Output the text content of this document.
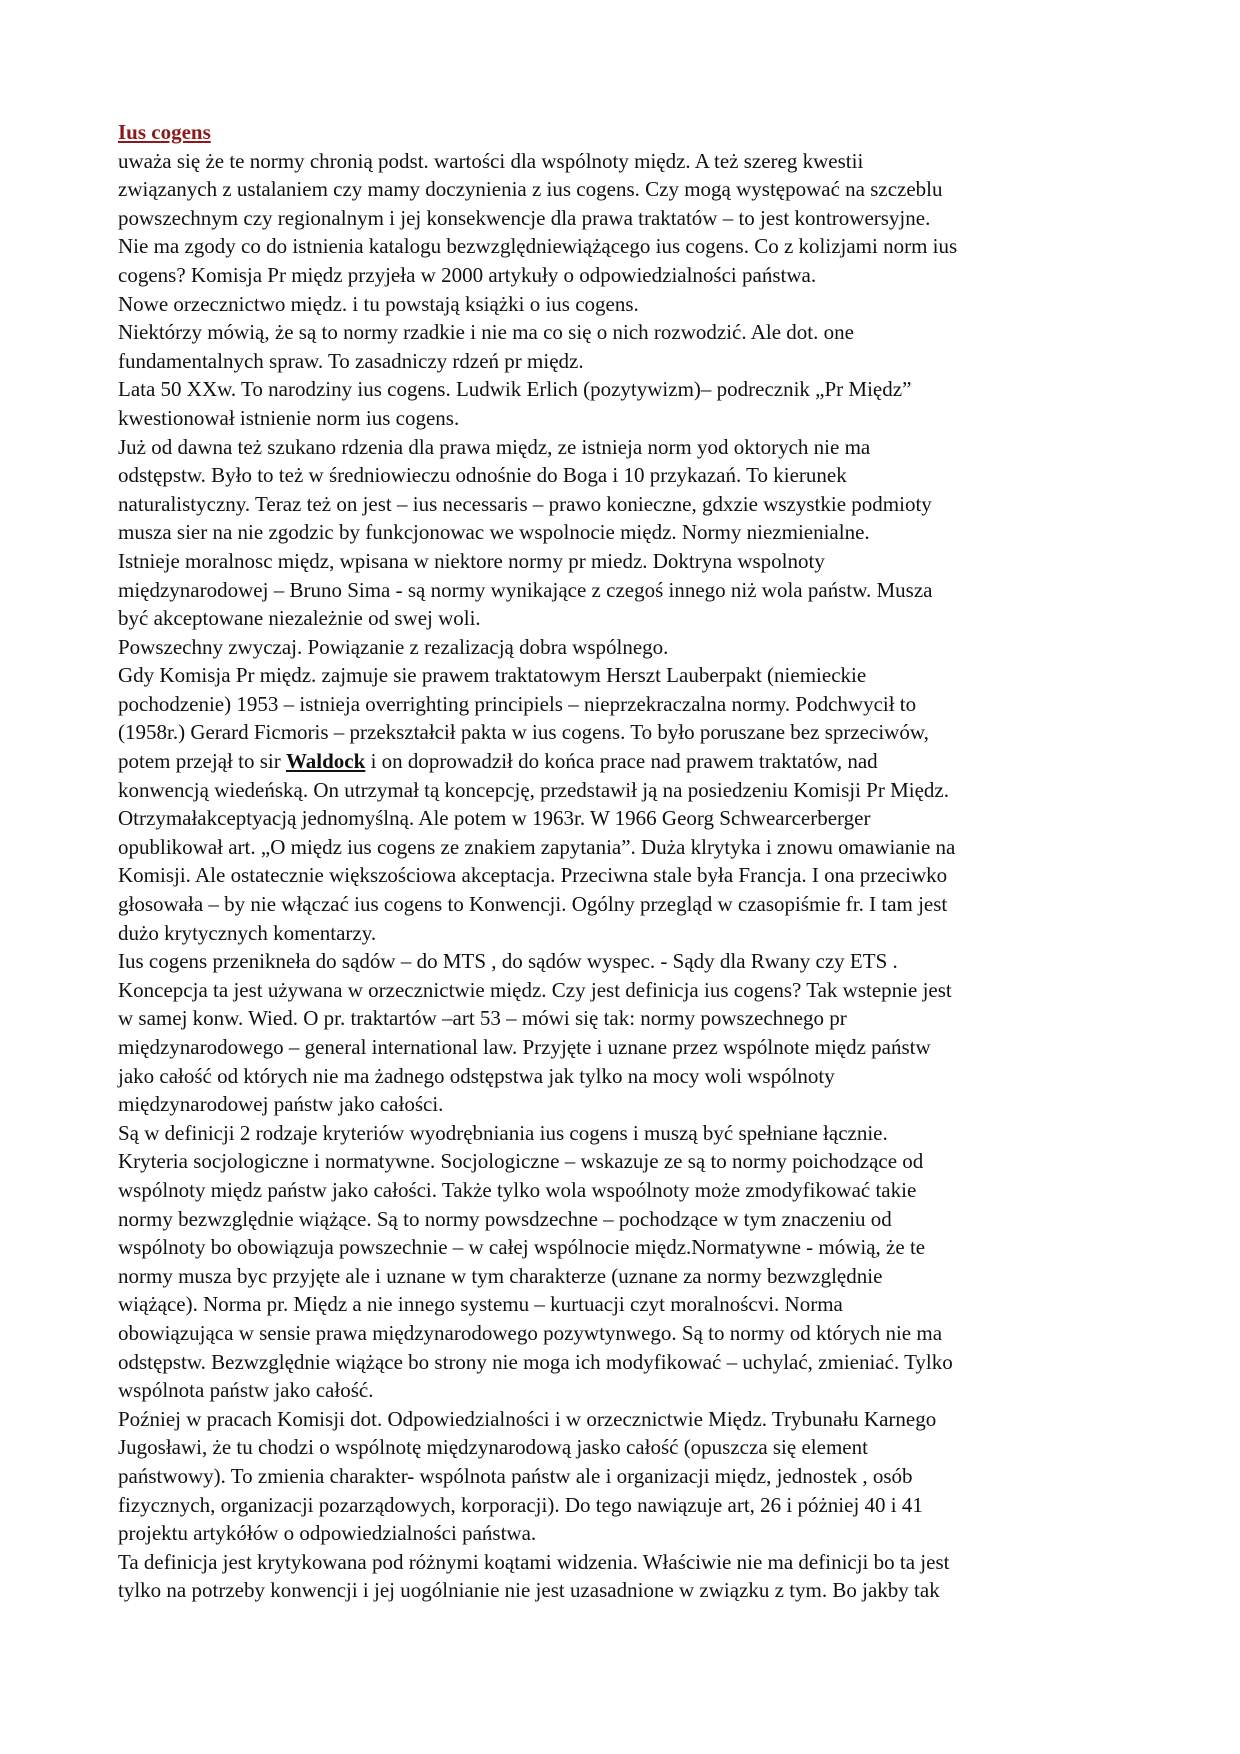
Ius cogens

uważa się że te normy chronią podst. wartości dla wspólnoty międz. A też szereg kwestii

związanych z ustalaniem czy mamy doczynienia z ius cogens. Czy mogą występować na szczeblu

powszechnym czy regionalnym i jej konsekwencje dla prawa traktatów – to jest kontrowersyjne.

Nie ma zgody co do istnienia katalogu bezwzględniewiążącego ius cogens. Co z kolizjami norm ius

cogens? Komisja Pr międz przyjeła w 2000 artykuły o odpowiedzialności państwa.

Nowe orzecznictwo międz. i tu powstają książki o ius cogens.

Niektórzy mówią, że są to normy rzadkie i nie ma co się o nich rozwodzić. Ale dot. one

fundamentalnych spraw. To zasadniczy rdzeń pr międz.

Lata 50 XXw. To narodziny ius cogens. Ludwik Erlich (pozytywizm)– podrecznik „Pr Międz”

kwestionował istnienie norm ius cogens.

Już od dawna też szukano rdzenia dla prawa międz, ze istnieja norm yod oktorych nie ma

odstępstw. Było to też w średniowieczu odnośnie do Boga i 10 przykazań. To kierunek

naturalistyczny. Teraz też on jest – ius necessaris – prawo konieczne, gdxzie wszystkie podmioty

musza sier na nie zgodzic by funkcjonowac we wspolnocie międz. Normy niezmienialne.

Istnieje moralnosc międz, wpisana w niektore normy pr miedz. Doktryna wspolnoty

międzynarodowej – Bruno Sima - są normy wynikające z czegoś innego niż wola państw. Musza

być akceptowane niezależnie od swej woli.

Powszechny zwyczaj. Powiązanie z rezalizacją dobra wspólnego.

Gdy Komisja Pr międz. zajmuje sie prawem traktatowym Herszt Lauberpakt (niemieckie

pochodzenie) 1953 – istnieja overrighting principiels – nieprzekraczalna normy. Podchwycił to

(1958r.) Gerard Ficmoris – przekształcił pakta w ius cogens. To było poruszane bez sprzeciwów,

potem przejął to sir Waldock i on doprowadził do końca prace nad prawem traktatów, nad

konwencją wiedeńską. On utrzymał tą koncepcję, przedstawił ją na posiedzeniu Komisji Pr Międz.

Otrzymałakceptyacją jednomyślną. Ale potem w 1963r. W 1966 Georg Schwearcerberger

opublikował art. „O międz ius cogens ze znakiem zapytania”. Duża klrytyka i znowu omawianie na

Komisji. Ale ostatecznie większościowa akceptacja. Przeciwna stale była Francja. I ona przeciwko

głosowała – by nie włączać ius cogens to Konwencji. Ogólny przegląd w czasopiśmie fr. I tam jest

dużo krytycznych komentarzy.

Ius cogens przenikneła do sądów – do MTS , do sądów wyspec. - Sądy dla Rwany czy ETS .

Koncepcja ta jest używana w orzecznictwie międz. Czy jest definicja ius cogens? Tak wstepnie jest

w samej konw. Wied. O pr. traktartów –art 53 – mówi się tak: normy powszechnego pr

międzynarodowego – general international law. Przyjęte i uznane przez wspólnote międz państw

jako całość od których nie ma żadnego odstępstwa jak tylko na mocy woli wspólnoty

międzynarodowej państw jako całości.

Są w definicji 2 rodzaje kryteriów wyodrębniania ius cogens i muszą być spełniane łącznie.

Kryteria socjologiczne i normatywne. Socjologiczne – wskazuje ze są to normy poichodzące od

wspólnoty międz państw jako całości. Także tylko wola wspoólnoty może zmodyfikować takie

normy bezwzględnie wiążące. Są to normy powsdzechne – pochodzące w tym znaczeniu od

wspólnoty bo obowiązuja powszechnie – w całej wspólnocie międz.Normatywne - mówią, że te

normy musza byc przyjęte ale i uznane w tym charakterze (uznane za normy bezwzględnie

wiążące). Norma pr. Międz a nie innego systemu – kurtuacji czyt moralnośc​vi. Norma

obowiązująca w sensie prawa międzynarodowego pozywtynwego. Są to normy od których nie ma

odstępstw. Bezwzględnie wiążące bo strony nie moga ich modyfikować – uchylać, zmieniać. Tylko

wspólnota państw jako całość.

Poźniej w pracach Komisji dot. Odpowiedzialności i w orzecznictwie Międz. Trybunału Karnego

Jugosławi, że tu chodzi o wspólnotę międzynarodową jasko całość (opuszcza się element

państwowy). To zmienia charakter- wspólnota państw ale i organizacji międz, jednostek , osób

fizycznych, organizacji pozarządowych, korporacji). Do tego nawiązuje art, 26 i póżniej 40 i 41

projektu artykółów o odpowiedzialności państwa.

Ta definicja jest krytykowana pod różnymi koątami widzenia. Właściwie nie ma definicji bo ta jest

tylko na potrzeby konwencji i jej uogólnianie nie jest uzasadnione w związku z tym. Bo jakby tak
